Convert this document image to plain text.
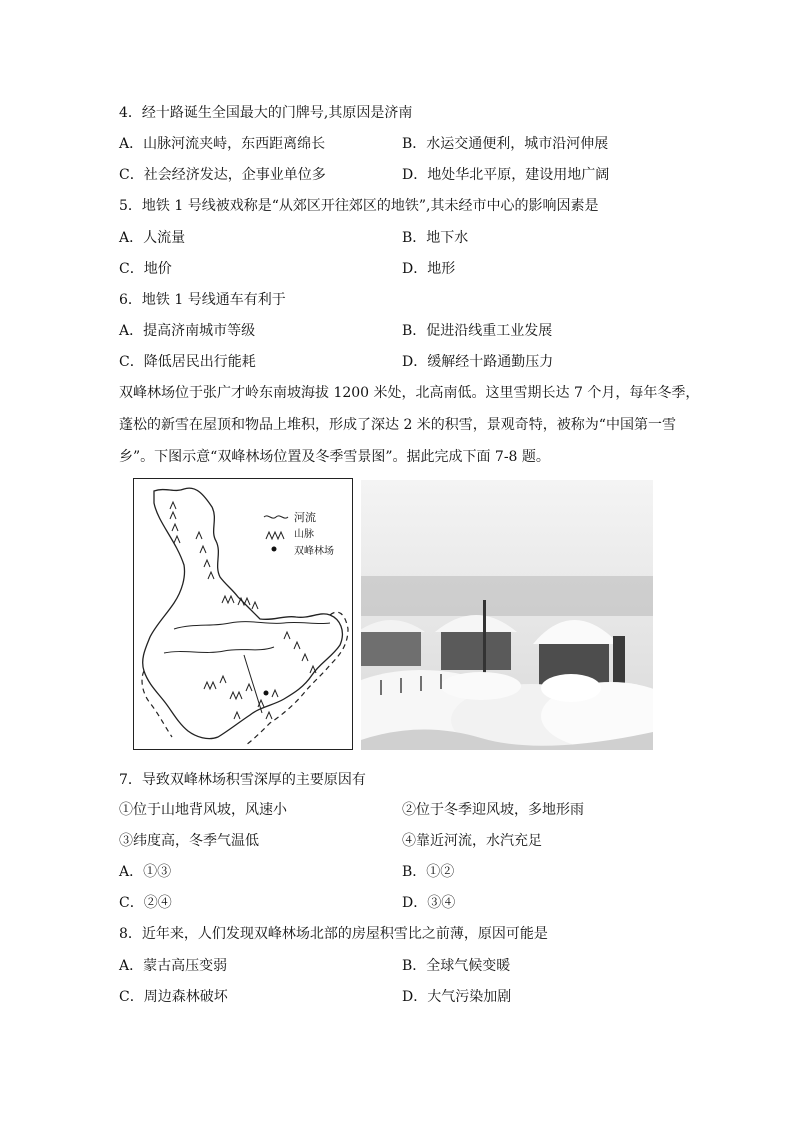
4．经十路诞生全国最大的门牌号,其原因是济南
A．山脉河流夹峙，东西距离绵长	B．水运交通便利，城市沿河伸展
C．社会经济发达，企事业单位多	D．地处华北平原，建设用地广阔
5．地铁 1 号线被戏称是“从郊区开往郊区的地铁”,其未经市中心的影响因素是
A．人流量	B．地下水
C．地价	D．地形
6．地铁 1 号线通车有利于
A．提高济南城市等级	B．促进沿线重工业发展
C．降低居民出行能耗	D．缓解经十路通勤压力
双峰林场位于张广才岭东南坡海拔 1200 米处，北高南低。这里雪期长达 7 个月，每年冬季，
蓬松的新雪在屋顶和物品上堆积，形成了深达 2 米的积雪，景观奇特，被称为“中国第一雪
乡”。下图示意“双峰林场位置及冬季雪景图”。据此完成下面 7-8 题。
河流
山脉
双峰林场
7．导致双峰林场积雪深厚的主要原因有
①位于山地背风坡，风速小	②位于冬季迎风坡，多地形雨
③纬度高，冬季气温低	④靠近河流，水汽充足
A．①③	B．①②
C．②④	D．③④
8．近年来，人们发现双峰林场北部的房屋积雪比之前薄，原因可能是
A．蒙古高压变弱	B．全球气候变暖
C．周边森林破坏	D．大气污染加剧
